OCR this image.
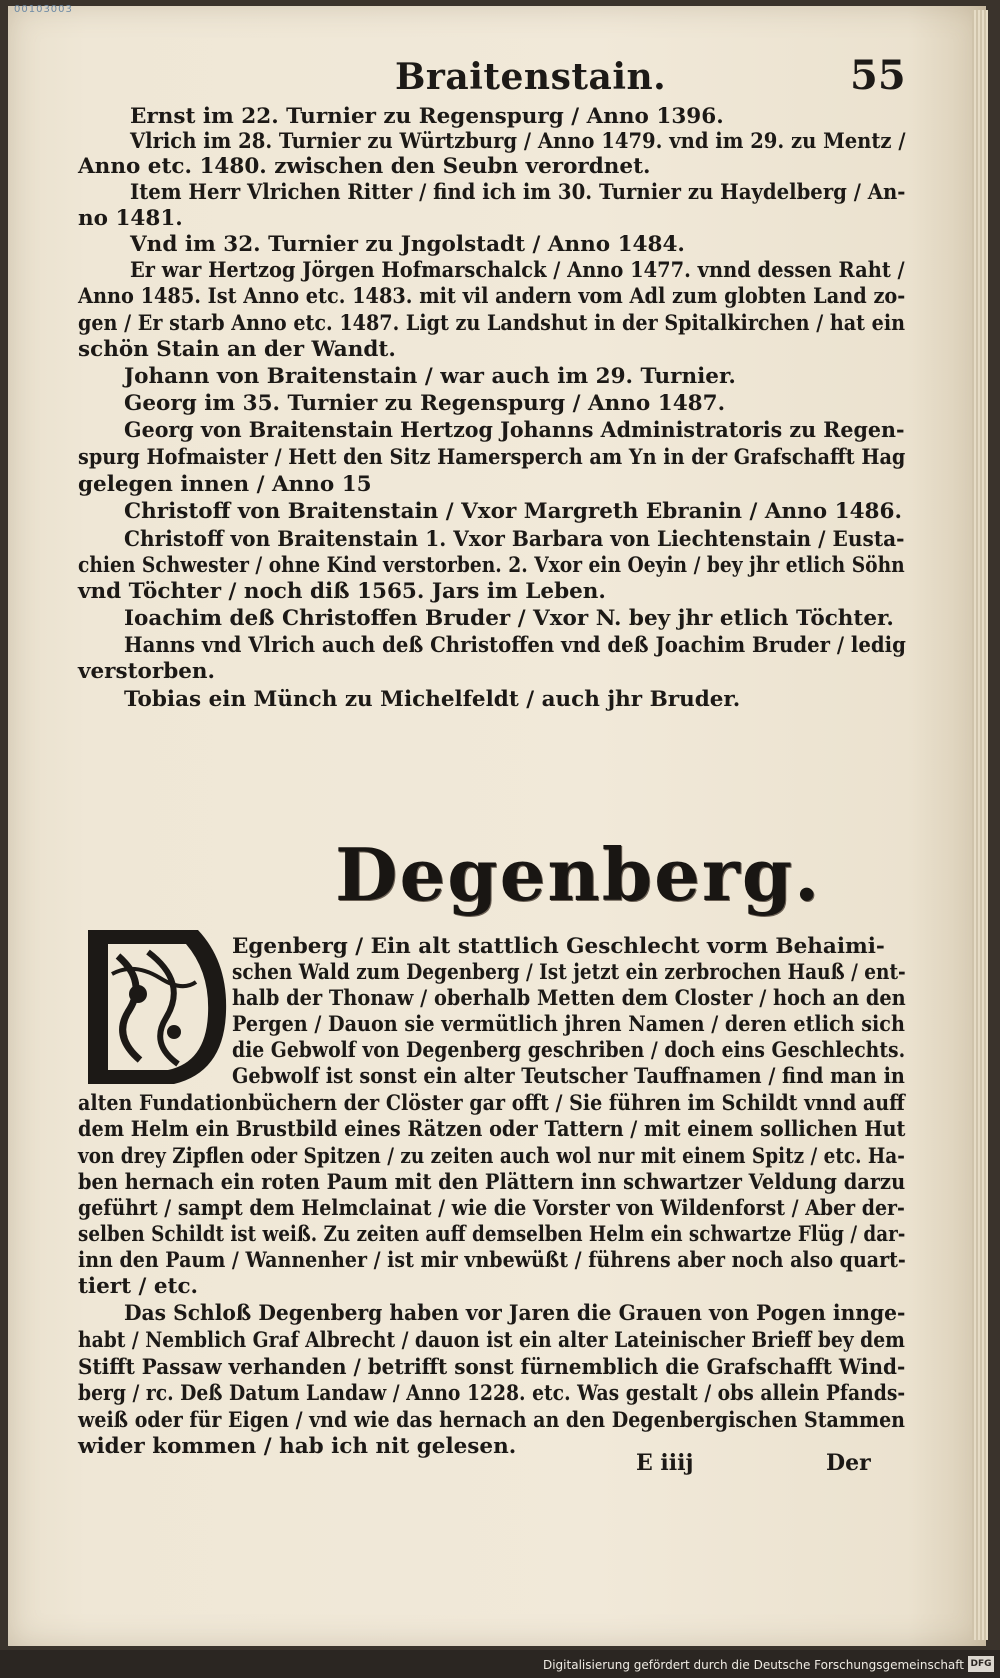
00103003
Braitenstain.	55
Ernst im 22. Turnier zu Regenspurg / Anno 1396.
Vlrich im 28. Turnier zu Würtzburg / Anno 1479. vnd im 29. zu Mentz /
Anno etc. 1480. zwischen den Seubn verordnet.
Item Herr Vlrichen Ritter / find ich im 30. Turnier zu Haydelberg / An-
no 1481.
Vnd im 32. Turnier zu Jngolstadt / Anno 1484.
Er war Hertzog Jörgen Hofmarschalck / Anno 1477. vnnd dessen Raht /
Anno 1485. Ist Anno etc. 1483. mit vil andern vom Adl zum globten Land zo-
gen / Er starb Anno etc. 1487. Ligt zu Landshut in der Spitalkirchen / hat ein
schön Stain an der Wandt.
Johann von Braitenstain / war auch im 29. Turnier.
Georg im 35. Turnier zu Regenspurg / Anno 1487.
Georg von Braitenstain Hertzog Johanns Administratoris zu Regen-
spurg Hofmaister / Hett den Sitz Hamersperch am Yn in der Grafschafft Hag
gelegen innen / Anno 15
Christoff von Braitenstain / Vxor Margreth Ebranin / Anno 1486.
Christoff von Braitenstain 1. Vxor Barbara von Liechtenstain / Eusta-
chien Schwester / ohne Kind verstorben. 2. Vxor ein Oeyin / bey jhr etlich Söhn
vnd Töchter / noch diß 1565. Jars im Leben.
Ioachim deß Christoffen Bruder / Vxor N. bey jhr etlich Töchter.
Hanns vnd Vlrich auch deß Christoffen vnd deß Joachim Bruder / ledig
verstorben.
Tobias ein Münch zu Michelfeldt / auch jhr Bruder.
Degenberg.
D
Egenberg / Ein alt stattlich Geschlecht vorm Behaimi-
schen Wald zum Degenberg / Ist jetzt ein zerbrochen Hauß / ent-
halb der Thonaw / oberhalb Metten dem Closter / hoch an den
Pergen / Dauon sie vermütlich jhren Namen / deren etlich sich
die Gebwolf von Degenberg geschriben / doch eins Geschlechts.
Gebwolf ist sonst ein alter Teutscher Tauffnamen / find man in
alten Fundationbüchern der Clöster gar offt / Sie führen im Schildt vnnd auff
dem Helm ein Brustbild eines Rätzen oder Tattern / mit einem sollichen Hut
von drey Zipflen oder Spitzen / zu zeiten auch wol nur mit einem Spitz / etc. Ha-
ben hernach ein roten Paum mit den Plättern inn schwartzer Veldung darzu
geführt / sampt dem Helmclainat / wie die Vorster von Wildenforst / Aber der-
selben Schildt ist weiß. Zu zeiten auff demselben Helm ein schwartze Flüg / dar-
inn den Paum / Wannenher / ist mir vnbewüßt / führens aber noch also quart-
tiert / etc.
Das Schloß Degenberg haben vor Jaren die Grauen von Pogen innge-
habt / Nemblich Graf Albrecht / dauon ist ein alter Lateinischer Brieff bey dem
Stifft Passaw verhanden / betrifft sonst fürnemblich die Grafschafft Wind-
berg / rc. Deß Datum Landaw / Anno 1228. etc. Was gestalt / obs allein Pfands-
weiß oder für Eigen / vnd wie das hernach an den Degenbergischen Stammen
wider kommen / hab ich nit gelesen.
E iiij	Der
Digitalisierung gefördert durch die Deutsche Forschungsgemeinschaft DFG
